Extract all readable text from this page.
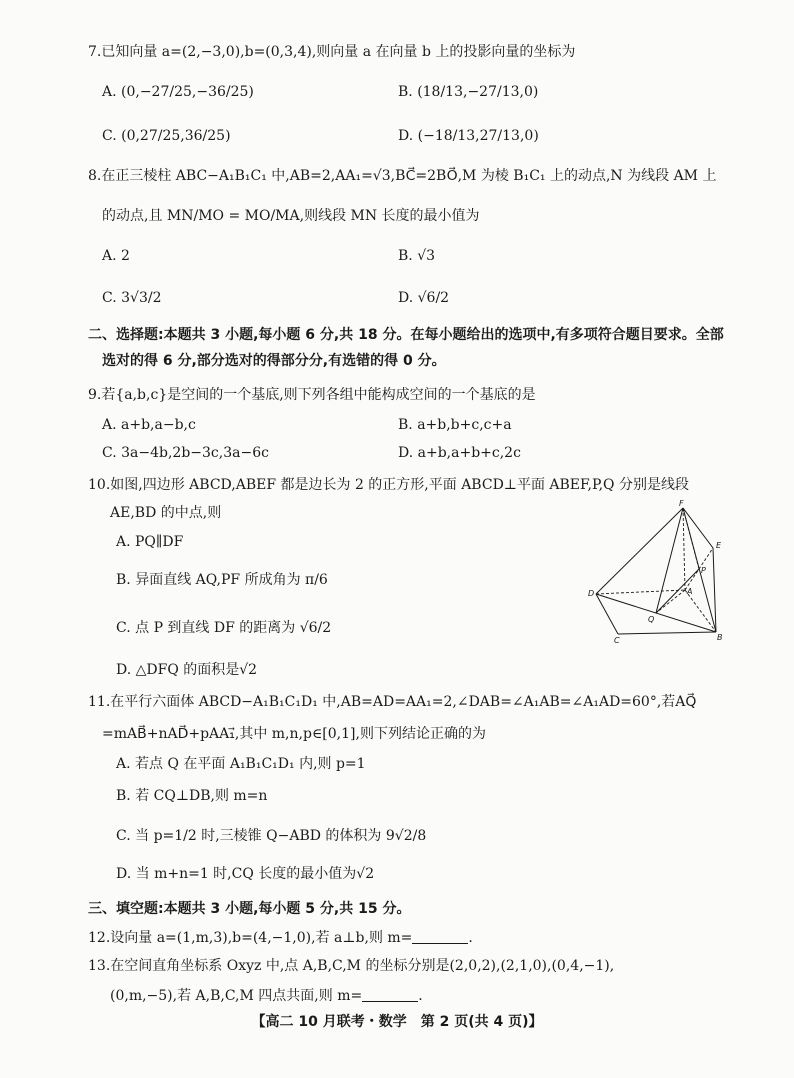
7.已知向量 a=(2,−3,0),b=(0,3,4),则向量 a 在向量 b 上的投影向量的坐标为
A. (0,−27/25,−36/25)	B. (18/13,−27/13,0)
C. (0,27/25,36/25)	D. (−18/13,27/13,0)
8.在正三棱柱 ABC−A₁B₁C₁ 中,AB=2,AA₁=√3,BC⃗=2BO⃗,M 为棱 B₁C₁ 上的动点,N 为线段 AM 上
的动点,且 MN/MO = MO/MA,则线段 MN 长度的最小值为
A. 2	B. √3
C. 3√3/2	D. √6/2
二、选择题:本题共 3 小题,每小题 6 分,共 18 分。在每小题给出的选项中,有多项符合题目要求。全部
选对的得 6 分,部分选对的得部分分,有选错的得 0 分。
9.若{a,b,c}是空间的一个基底,则下列各组中能构成空间的一个基底的是
A. a+b,a−b,c	B. a+b,b+c,c+a
C. 3a−4b,2b−3c,3a−6c	D. a+b,a+b+c,2c
10.如图,四边形 ABCD,ABEF 都是边长为 2 的正方形,平面 ABCD⊥平面 ABEF,P,Q 分别是线段
AE,BD 的中点,则
A. PQ∥DF
B. 异面直线 AQ,PF 所成角为 π/6
C. 点 P 到直线 DF 的距离为 √6/2
D. △DFQ 的面积是√2
F
E
D	A
P
Q
C	B
11.在平行六面体 ABCD−A₁B₁C₁D₁ 中,AB=AD=AA₁=2,∠DAB=∠A₁AB=∠A₁AD=60°,若AQ⃗
=mAB⃗+nAD⃗+pAA₁⃗,其中 m,n,p∈[0,1],则下列结论正确的为
A. 若点 Q 在平面 A₁B₁C₁D₁ 内,则 p=1
B. 若 CQ⊥DB,则 m=n
C. 当 p=1/2 时,三棱锥 Q−ABD 的体积为 9√2/8
D. 当 m+n=1 时,CQ 长度的最小值为√2
三、填空题:本题共 3 小题,每小题 5 分,共 15 分。
12.设向量 a=(1,m,3),b=(4,−1,0),若 a⊥b,则 m=	.
13.在空间直角坐标系 Oxyz 中,点 A,B,C,M 的坐标分别是(2,0,2),(2,1,0),(0,4,−1),
(0,m,−5),若 A,B,C,M 四点共面,则 m=	.
【高二 10 月联考・数学　第 2 页(共 4 页)】
